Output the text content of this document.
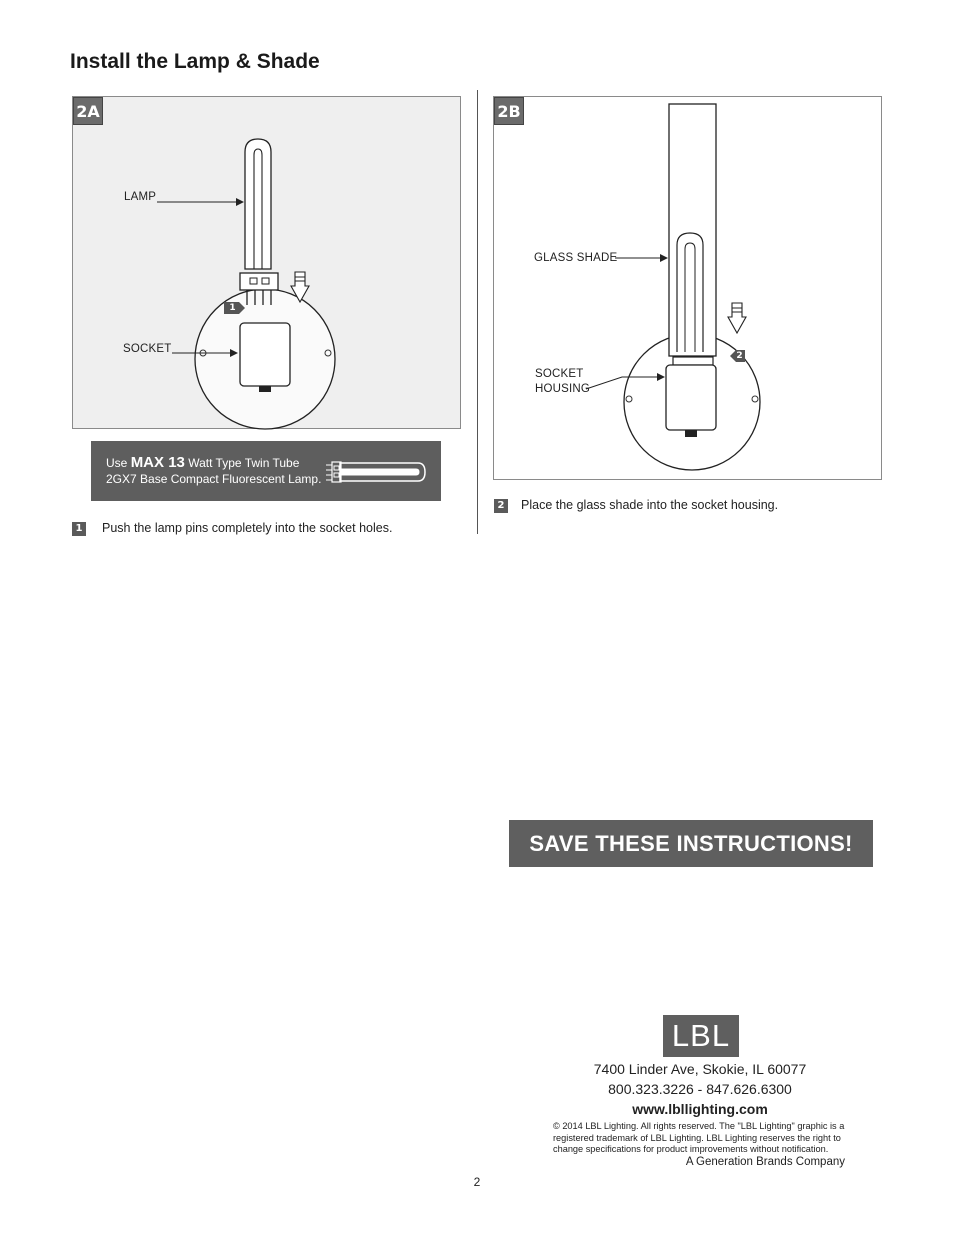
Install the Lamp & Shade
2A
LAMP
SOCKET
1
Use MAX 13 Watt Type Twin Tube
2GX7 Base Compact Fluorescent Lamp.
1 Push the lamp pins completely into the socket holes.
2B
GLASS SHADE
SOCKET
HOUSING
2
2 Place the glass shade into the socket housing.
SAVE THESE INSTRUCTIONS!
LBL
7400 Linder Ave, Skokie, IL 60077
800.323.3226 - 847.626.6300
www.lbllighting.com
© 2014 LBL Lighting. All rights reserved. The "LBL Lighting" graphic is a registered trademark of LBL Lighting. LBL Lighting reserves the right to change specifications for product improvements without notification.
A Generation Brands Company
2
